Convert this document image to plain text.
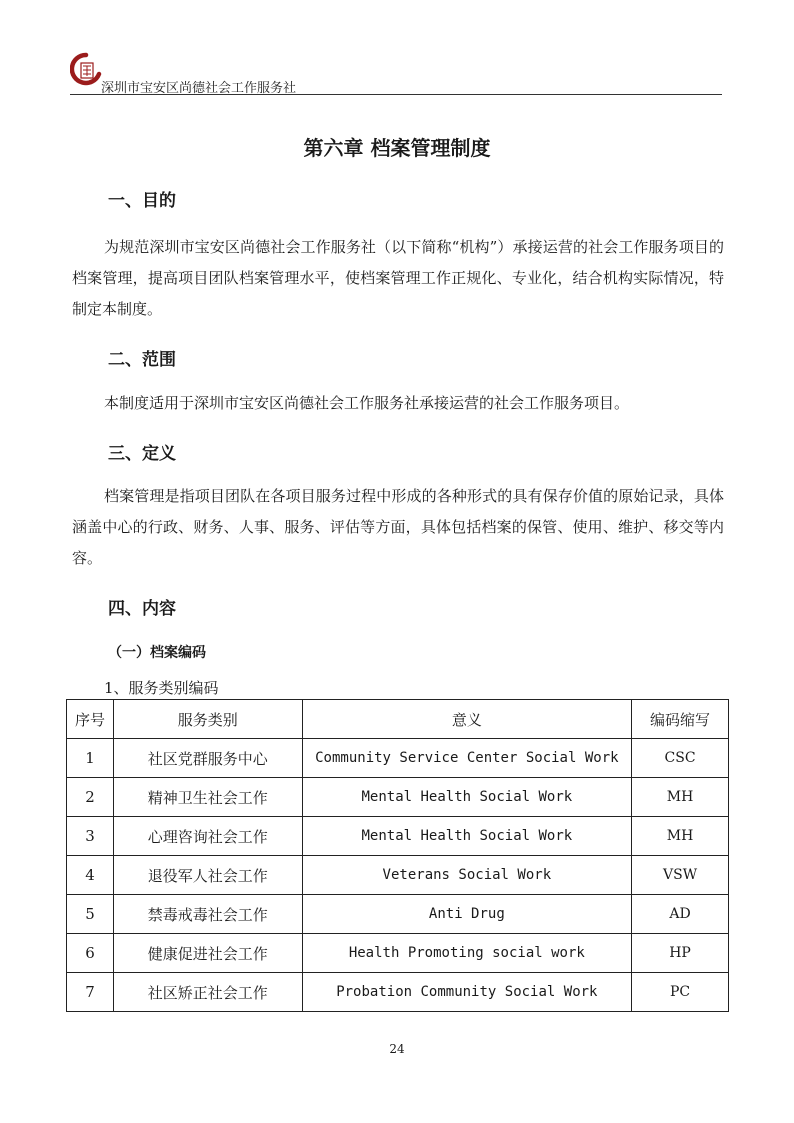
深圳市宝安区尚德社会工作服务社
第六章 档案管理制度
一、目的

为规范深圳市宝安区尚德社会工作服务社（以下简称“机构”）承接运营的社会工作服务项目的档案管理，提高项目团队档案管理水平，使档案管理工作正规化、专业化，结合机构实际情况，特制定本制度。

二、范围

本制度适用于深圳市宝安区尚德社会工作服务社承接运营的社会工作服务项目。

三、定义

档案管理是指项目团队在各项目服务过程中形成的各种形式的具有保存价值的原始记录，具体涵盖中心的行政、财务、人事、服务、评估等方面，具体包括档案的保管、使用、维护、移交等内容。

四、内容
（一）档案编码
1、服务类别编码
序号	服务类别	意义	编码缩写
1	社区党群服务中心	Community Service Center Social Work	CSC
2	精神卫生社会工作	Mental Health Social Work	MH
3	心理咨询社会工作	Mental Health Social Work	MH
4	退役军人社会工作	Veterans Social Work	VSW
5	禁毒戒毒社会工作	Anti Drug	AD
6	健康促进社会工作	Health Promoting social work	HP
7	社区矫正社会工作	Probation Community Social Work	PC
24
